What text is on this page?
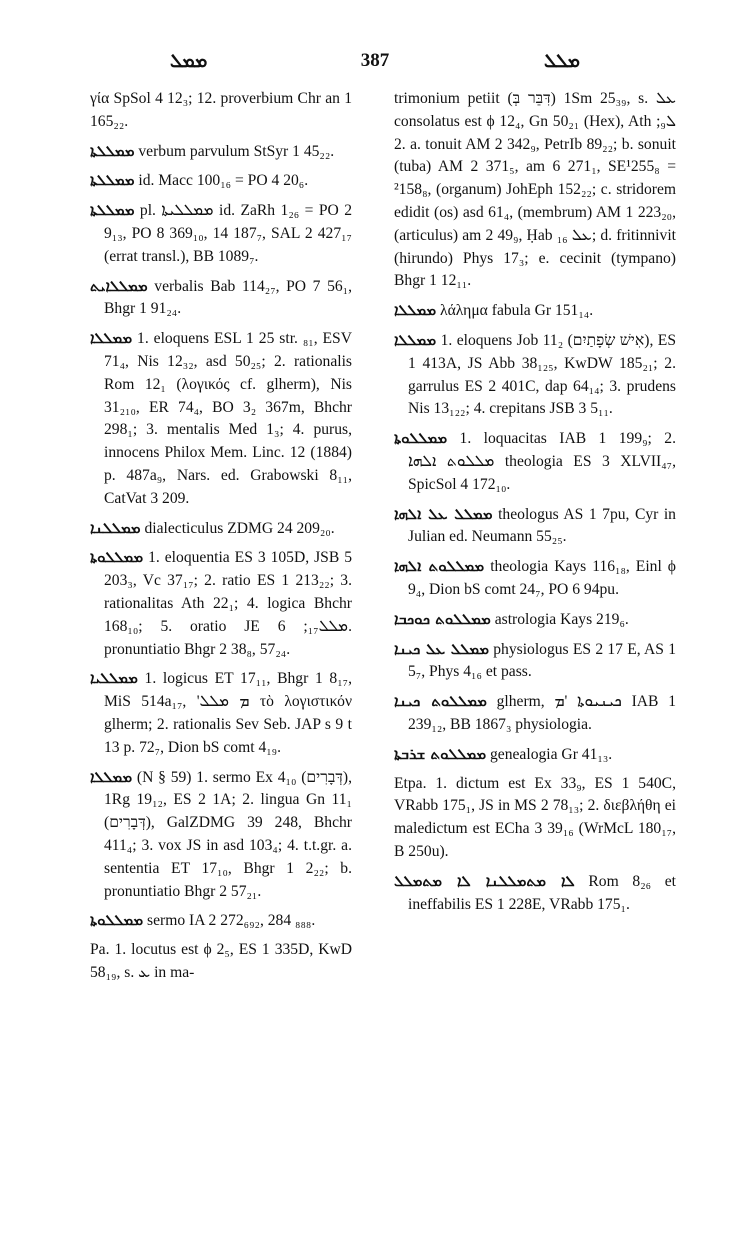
ܡܡܠ	387	ܡܠܠ

γία SpSol 4 12₃; 12. proverbium Chr an 1 165₂₂.

ܡܡܠܠܬܐ verbum parvulum StSyr 1 45₂₂.

ܡܡܠܠܬܐ id. Macc 100₁₆ = PO 4 20₆.

ܡܡܠܠܬܐ pl. ܡܡܠܠܝܬܐ id. ZaRh 1₂₆ = PO 2 9₁₃, PO 8 369₁₀, 14 187₇, SAL 2 427₁₇ (errat transl.), BB 1089₇.

ܡܡܠܠܐܝܬ verbalis Bab 114₂₇, PO 7 56₁, Bhgr 1 91₂₄.

ܡܡܠܠܐ 1. eloquens ESL 1 25 str. ₈₁, ESV 71₄, Nis 12₃₂, asd 50₂₅; 2. rationalis Rom 12₁ (λογικός cf. glherm), Nis 31₂₁₀, ER 74₄, BO 3₂ 367m, Bhchr 298₁; 3. mentalis Med 1₃; 4. purus, innocens Philox Mem. Linc. 12 (1884) p. 487a₉, Nars. ed. Grabowski 8₁₁, CatVat 3 209.

ܡܡܠܠܢܐ dialecticulus ZDMG 24 209₂₀.

ܡܡܠܠܘܬܐ 1. eloquentia ES 3 105D, JSB 5 203₃, Vc 37₁₇; 2. ratio ES 1 213₂₂; 3. rationalitas Ath 22₁; 4. logica Bhchr 168₁₀; 5. oratio JE ܡܠܠ₁₇; 6. pronuntiatio Bhgr 2 38₈, 57₂₄.

ܡܡܠܠܝܐ 1. logicus ET 17₁₁, Bhgr 1 8₁₇, MiS 514a₁₇, 'ܡ ܡܠܠ τὸ λογιστικόν glherm; 2. rationalis Sev Seb. JAP s 9 t 13 p. 72₇, Dion bS comt 4₁₉.

ܡܡܠܠܐ (N § 59) 1. sermo Ex 4₁₀ (דְּבָרִים), 1Rg 19₁₂, ES 2 1A; 2. lingua Gn 11₁ (דְּבָרִים), GalZDMG 39 248, Bhchr 411₄; 3. vox JS in asd 103₄; 4. t.t.gr. a. sententia ET 17₁₀, Bhgr 1 2₂₂; b. pronuntiatio Bhgr 2 57₂₁.

ܡܡܠܠܘܬܐ sermo IA 2 272₆₉₂, 284 ₈₈₈.

Pa. 1. locutus est ϕ 2₅, ES 1 335D, KwD 58₁₉, s. ܥ in ma-

trimonium petiit (דִּבֵּר בְּ) 1Sm 25₃₉, s. ܥܠ consolatus est ϕ 12₄, Gn 50₂₁ (Hex), Ath ܠ₉; 2. a. tonuit AM 2 342₉, PetrIb 89₂₂; b. sonuit (tuba) AM 2 371₅, am 6 271₁, SE¹255₈ = ²158₈, (organum) JohEph 152₂₂; c. stridorem edidit (os) asd 61₄, (membrum) AM 1 223₂₀, (articulus) am 2 49₉, Ḥab ܥܠ ₁₆; d. fritinnivit (hirundo) Phys 17₃; e. cecinit (tympano) Bhgr 1 12₁₁.

ܡܡܠܠܐ λάλημα fabula Gr 151₁₄.

ܡܡܠܠܐ 1. eloquens Job 11₂ (אִישׁ שְׂפָתַיִם), ES 1 413A, JS Abb 38₁₂₅, KwDW 185₂₁; 2. garrulus ES 2 401C, dap 64₁₄; 3. prudens Nis 13₁₂₂; 4. crepitans JSB 3 5₁₁.

ܡܡܠܠܘܬܐ 1. loquacitas IAB 1 199₉; 2. ܡܠܠܘܬ ܐܠܗܐ theologia ES 3 XLVII₄₇, SpicSol 4 172₁₀.

ܡܡܠܠ ܥܠ ܐܠܗܐ theologus AS 1 7pu, Cyr in Julian ed. Neumann 55₂₅.

ܡܡܠܠܘܬ ܐܠܗܐ theologia Kays 116₁₈, Einl ϕ 9₄, Dion bS comt 24₇, PO 6 94pu.

ܡܡܠܠܘܬ ܟܘܟܒܐ astrologia Kays 219₆.

ܡܡܠܠ ܥܠ ܟܝܢܐ physiologus ES 2 17 E, AS 1 5₇, Phys 4₁₆ et pass.

ܡܡܠܠܘܬ ܟܝܢܐ glherm, ܟܝܢܝܘܬܐ 'ܡ IAB 1 239₁₂, BB 1867₃ physiologia.

ܡܡܠܠܘܬ ܫܪܒܬܐ genealogia Gr 41₁₃.

Etpa. 1. dictum est Ex 33₉, ES 1 540C, VRabb 175₁, JS in MS 2 78₁₃; 2. διεβλήθη ei maledictum est ECha 3 39₁₆ (WrMcL 180₁₇, B 250u).

ܠܐ ܡܬܡܠܠܢܐ ܠܐ ܡܬܡܠܠ Rom 8₂₆ et ineffabilis ES 1 228E, VRabb 175₁.
